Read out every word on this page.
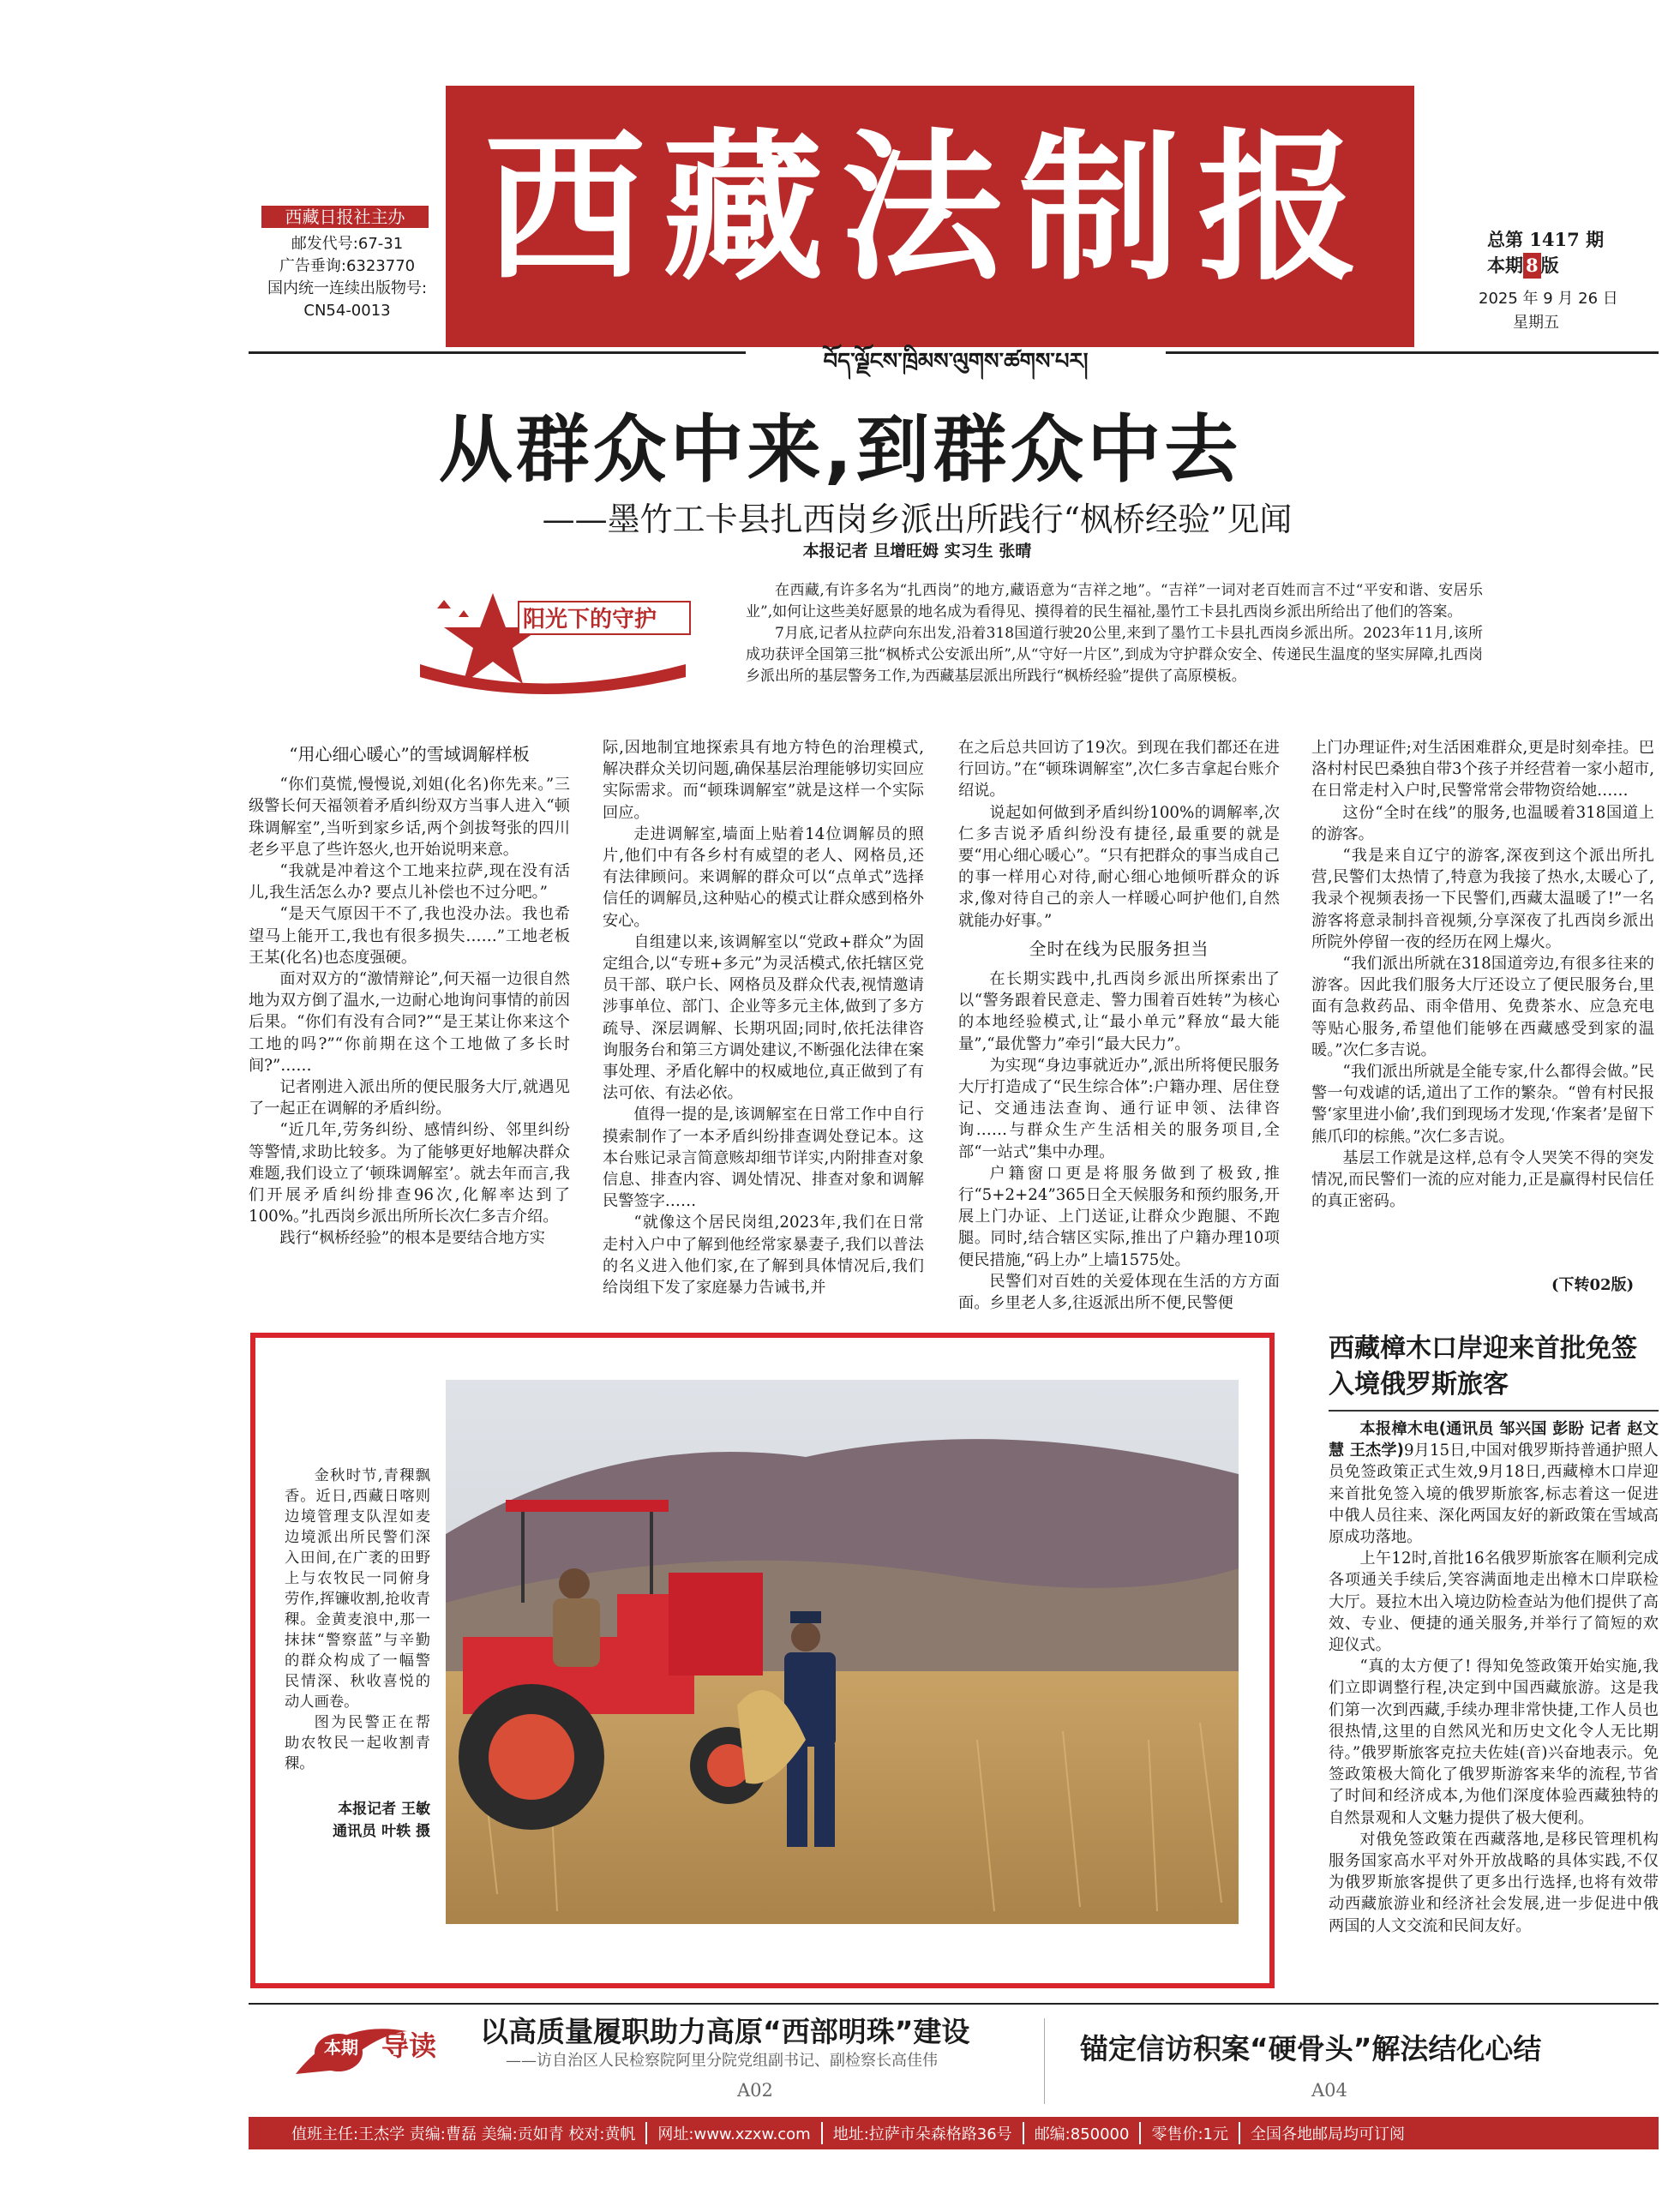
西藏法制报
西藏日报社主办
邮发代号:67-31
广告垂询:6323770
国内统一连续出版物号:
CN54-0013
总第 1417 期
本期 8 版
2025 年 9 月 26 日
星期五
བོད་ལྗོངས་ཁྲིམས་ལུགས་ཚགས་པར།
从群众中来,到群众中去
——墨竹工卡县扎西岗乡派出所践行“枫桥经验”见闻
本报记者 旦增旺姆 实习生 张晴
阳光下的守护

在西藏,有许多名为“扎西岗”的地方,藏语意为“吉祥之地”。“吉祥”一词对老百姓而言不过“平安和谐、安居乐业”,如何让这些美好愿景的地名成为看得见、摸得着的民生福祉,墨竹工卡县扎西岗乡派出所给出了他们的答案。

7月底,记者从拉萨向东出发,沿着318国道行驶20公里,来到了墨竹工卡县扎西岗乡派出所。2023年11月,该所成功获评全国第三批“枫桥式公安派出所”,从“守好一片区”,到成为守护群众安全、传递民生温度的坚实屏障,扎西岗乡派出所的基层警务工作,为西藏基层派出所践行“枫桥经验”提供了高原模板。

“用心细心暖心”的雪域调解样板

“你们莫慌,慢慢说,刘姐(化名)你先来。”三级警长何天福领着矛盾纠纷双方当事人进入“顿珠调解室”,当听到家乡话,两个剑拔弩张的四川老乡平息了些许怒火,也开始说明来意。

“我就是冲着这个工地来拉萨,现在没有活儿,我生活怎么办? 要点儿补偿也不过分吧。”

“是天气原因干不了,我也没办法。我也希望马上能开工,我也有很多损失……”工地老板王某(化名)也态度强硬。

面对双方的“激情辩论”,何天福一边很自然地为双方倒了温水,一边耐心地询问事情的前因后果。“你们有没有合同?”“是王某让你来这个工地的吗?”“你前期在这个工地做了多长时间?”……

记者刚进入派出所的便民服务大厅,就遇见了一起正在调解的矛盾纠纷。

“近几年,劳务纠纷、感情纠纷、邻里纠纷等警情,求助比较多。为了能够更好地解决群众难题,我们设立了‘顿珠调解室’。就去年而言,我们开展矛盾纠纷排查96次,化解率达到了100%。”扎西岗乡派出所所长次仁多吉介绍。

践行“枫桥经验”的根本是要结合地方实

际,因地制宜地探索具有地方特色的治理模式,解决群众关切问题,确保基层治理能够切实回应实际需求。而“顿珠调解室”就是这样一个实际回应。

走进调解室,墙面上贴着14位调解员的照片,他们中有各乡村有威望的老人、网格员,还有法律顾问。来调解的群众可以“点单式”选择信任的调解员,这种贴心的模式让群众感到格外安心。

自组建以来,该调解室以“党政+群众”为固定组合,以“专班+多元”为灵活模式,依托辖区党员干部、联户长、网格员及群众代表,视情邀请涉事单位、部门、企业等多元主体,做到了多方疏导、深层调解、长期巩固;同时,依托法律咨询服务台和第三方调处建议,不断强化法律在案事处理、矛盾化解中的权威地位,真正做到了有法可依、有法必依。

值得一提的是,该调解室在日常工作中自行摸索制作了一本矛盾纠纷排查调处登记本。这本台账记录言简意赅却细节详实,内附排查对象信息、排查内容、调处情况、排查对象和调解民警签字……

“就像这个居民岗组,2023年,我们在日常走村入户中了解到他经常家暴妻子,我们以普法的名义进入他们家,在了解到具体情况后,我们给岗组下发了家庭暴力告诫书,并

在之后总共回访了19次。到现在我们都还在进行回访。”在“顿珠调解室”,次仁多吉拿起台账介绍说。

说起如何做到矛盾纠纷100%的调解率,次仁多吉说矛盾纠纷没有捷径,最重要的就是要“用心细心暖心”。“只有把群众的事当成自己的事一样用心对待,耐心细心地倾听群众的诉求,像对待自己的亲人一样暖心呵护他们,自然就能办好事。”

全时在线为民服务担当

在长期实践中,扎西岗乡派出所探索出了以“警务跟着民意走、警力围着百姓转”为核心的本地经验模式,让“最小单元”释放“最大能量”,“最优警力”牵引“最大民力”。

为实现“身边事就近办”,派出所将便民服务大厅打造成了“民生综合体”:户籍办理、居住登记、交通违法查询、通行证申领、法律咨询……与群众生产生活相关的服务项目,全部“一站式”集中办理。

户籍窗口更是将服务做到了极致,推行“5+2+24”365日全天候服务和预约服务,开展上门办证、上门送证,让群众少跑腿、不跑腿。同时,结合辖区实际,推出了户籍办理10项便民措施,“码上办”上墙1575处。

民警们对百姓的关爱体现在生活的方方面面。乡里老人多,往返派出所不便,民警便

上门办理证件;对生活困难群众,更是时刻牵挂。巴洛村村民巴桑独自带3个孩子并经营着一家小超市,在日常走村入户时,民警常常会带物资给她……

这份“全时在线”的服务,也温暖着318国道上的游客。

“我是来自辽宁的游客,深夜到这个派出所扎营,民警们太热情了,特意为我接了热水,太暖心了,我录个视频表扬一下民警们,西藏太温暖了!”一名游客将意录制抖音视频,分享深夜了扎西岗乡派出所院外停留一夜的经历在网上爆火。

“我们派出所就在318国道旁边,有很多往来的游客。因此我们服务大厅还设立了便民服务台,里面有急救药品、雨伞借用、免费茶水、应急充电等贴心服务,希望他们能够在西藏感受到家的温暖。”次仁多吉说。

“我们派出所就是全能专家,什么都得会做。”民警一句戏谑的话,道出了工作的繁杂。“曾有村民报警‘家里进小偷’,我们到现场才发现,‘作案者’是留下熊爪印的棕熊。”次仁多吉说。

基层工作就是这样,总有令人哭笑不得的突发情况,而民警们一流的应对能力,正是赢得村民信任的真正密码。

(下转02版)

金秋时节,青稞飘香。近日,西藏日喀则边境管理支队涅如麦边境派出所民警们深入田间,在广袤的田野上与农牧民一同俯身劳作,挥镰收割,抢收青稞。金黄麦浪中,那一抹抹“警察蓝”与辛勤的群众构成了一幅警民情深、秋收喜悦的动人画卷。

图为民警正在帮助农牧民一起收割青稞。

本报记者 王敏
通讯员 叶轶 摄
西藏樟木口岸迎来首批免签入境俄罗斯旅客

本报樟木电(通讯员 邹兴国 彭盼 记者 赵文慧 王杰学)9月15日,中国对俄罗斯持普通护照人员免签政策正式生效,9月18日,西藏樟木口岸迎来首批免签入境的俄罗斯旅客,标志着这一促进中俄人员往来、深化两国友好的新政策在雪域高原成功落地。

上午12时,首批16名俄罗斯旅客在顺利完成各项通关手续后,笑容满面地走出樟木口岸联检大厅。聂拉木出入境边防检查站为他们提供了高效、专业、便捷的通关服务,并举行了简短的欢迎仪式。

“真的太方便了! 得知免签政策开始实施,我们立即调整行程,决定到中国西藏旅游。这是我们第一次到西藏,手续办理非常快捷,工作人员也很热情,这里的自然风光和历史文化令人无比期待。”俄罗斯旅客克拉夫佐娃(音)兴奋地表示。免签政策极大简化了俄罗斯游客来华的流程,节省了时间和经济成本,为他们深度体验西藏独特的自然景观和人文魅力提供了极大便利。

对俄免签政策在西藏落地,是移民管理机构服务国家高水平对外开放战略的具体实践,不仅为俄罗斯旅客提供了更多出行选择,也将有效带动西藏旅游业和经济社会发展,进一步促进中俄两国的人文交流和民间友好。

本期 导读 以高质量履职助力高原“西部明珠”建设
——访自治区人民检察院阿里分院党组副书记、副检察长高佳伟
A02
锚定信访积案“硬骨头”解法结化心结
A04
值班主任:王杰学 责编:曹磊 美编:贡如青 校对:黄帆	网址:www.xzxw.com	地址:拉萨市朵森格路36号	邮编:850000	零售价:1元	全国各地邮局均可订阅
